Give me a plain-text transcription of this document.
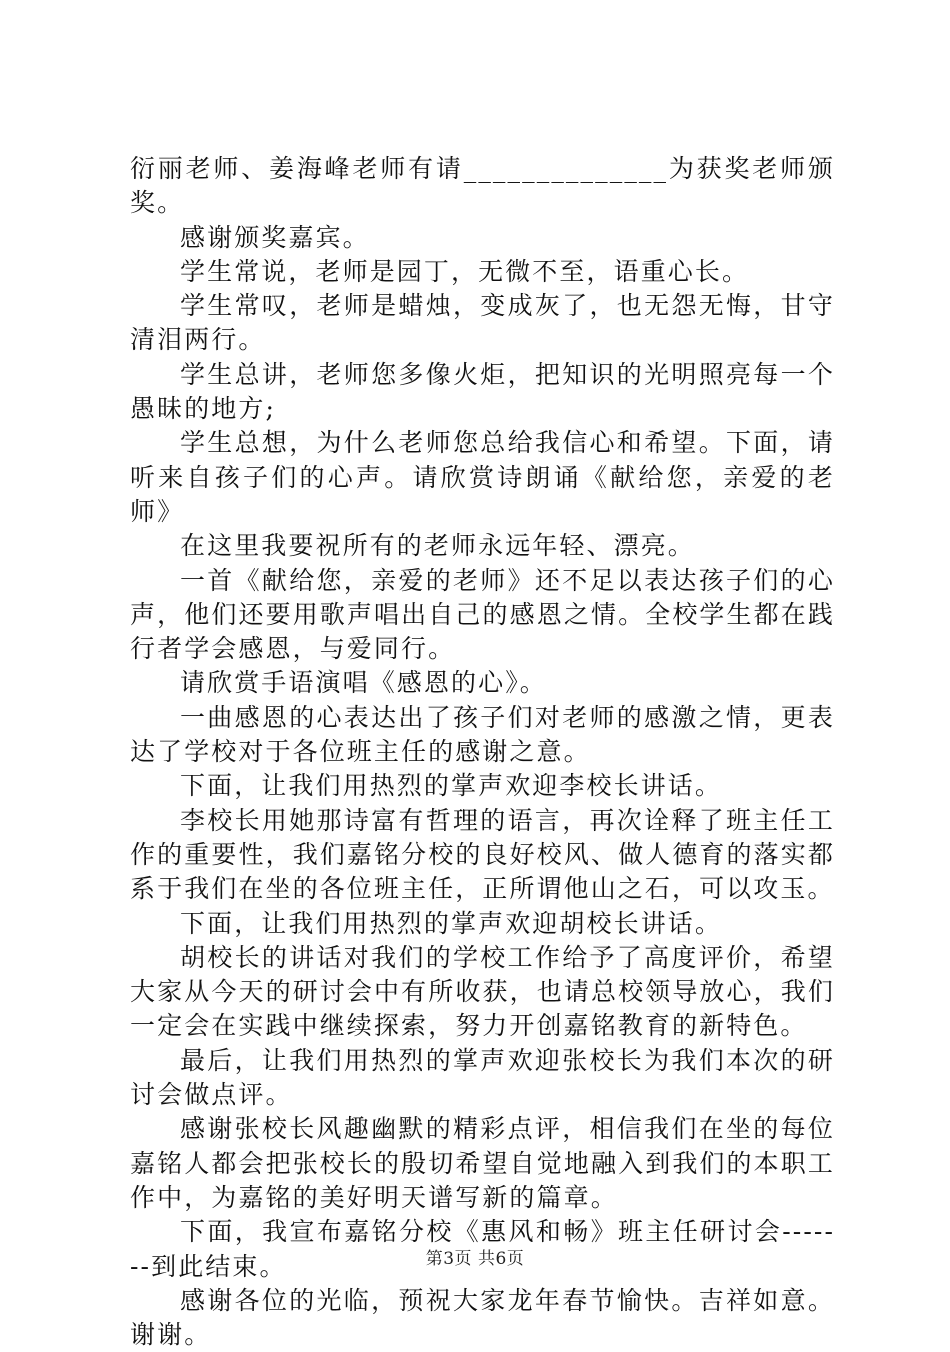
衍丽老师、姜海峰老师有请______________为获奖老师颁奖。

感谢颁奖嘉宾。

学生常说，老师是园丁，无微不至，语重心长。

学生常叹，老师是蜡烛，变成灰了，也无怨无悔，甘守清泪两行。

学生总讲，老师您多像火炬，把知识的光明照亮每一个愚昧的地方;

学生总想，为什么老师您总给我信心和希望。下面，请听来自孩子们的心声。请欣赏诗朗诵《献给您，亲爱的老师》

在这里我要祝所有的老师永远年轻、漂亮。

一首《献给您，亲爱的老师》还不足以表达孩子们的心声，他们还要用歌声唱出自己的感恩之情。全校学生都在践行者学会感恩，与爱同行。

请欣赏手语演唱《感恩的心》。

一曲感恩的心表达出了孩子们对老师的感激之情，更表达了学校对于各位班主任的感谢之意。

下面，让我们用热烈的掌声欢迎李校长讲话。

李校长用她那诗富有哲理的语言，再次诠释了班主任工作的重要性，我们嘉铭分校的良好校风、做人德育的落实都系于我们在坐的各位班主任，正所谓他山之石，可以攻玉。

下面，让我们用热烈的掌声欢迎胡校长讲话。

胡校长的讲话对我们的学校工作给予了高度评价，希望大家从今天的研讨会中有所收获，也请总校领导放心，我们一定会在实践中继续探索，努力开创嘉铭教育的新特色。

最后，让我们用热烈的掌声欢迎张校长为我们本次的研讨会做点评。

感谢张校长风趣幽默的精彩点评，相信我们在坐的每位嘉铭人都会把张校长的殷切希望自觉地融入到我们的本职工作中，为嘉铭的美好明天谱写新的篇章。

下面，我宣布嘉铭分校《惠风和畅》班主任研讨会-------到此结束。

感谢各位的光临，预祝大家龙年春节愉快。吉祥如意。谢谢。

第3页 共6页
